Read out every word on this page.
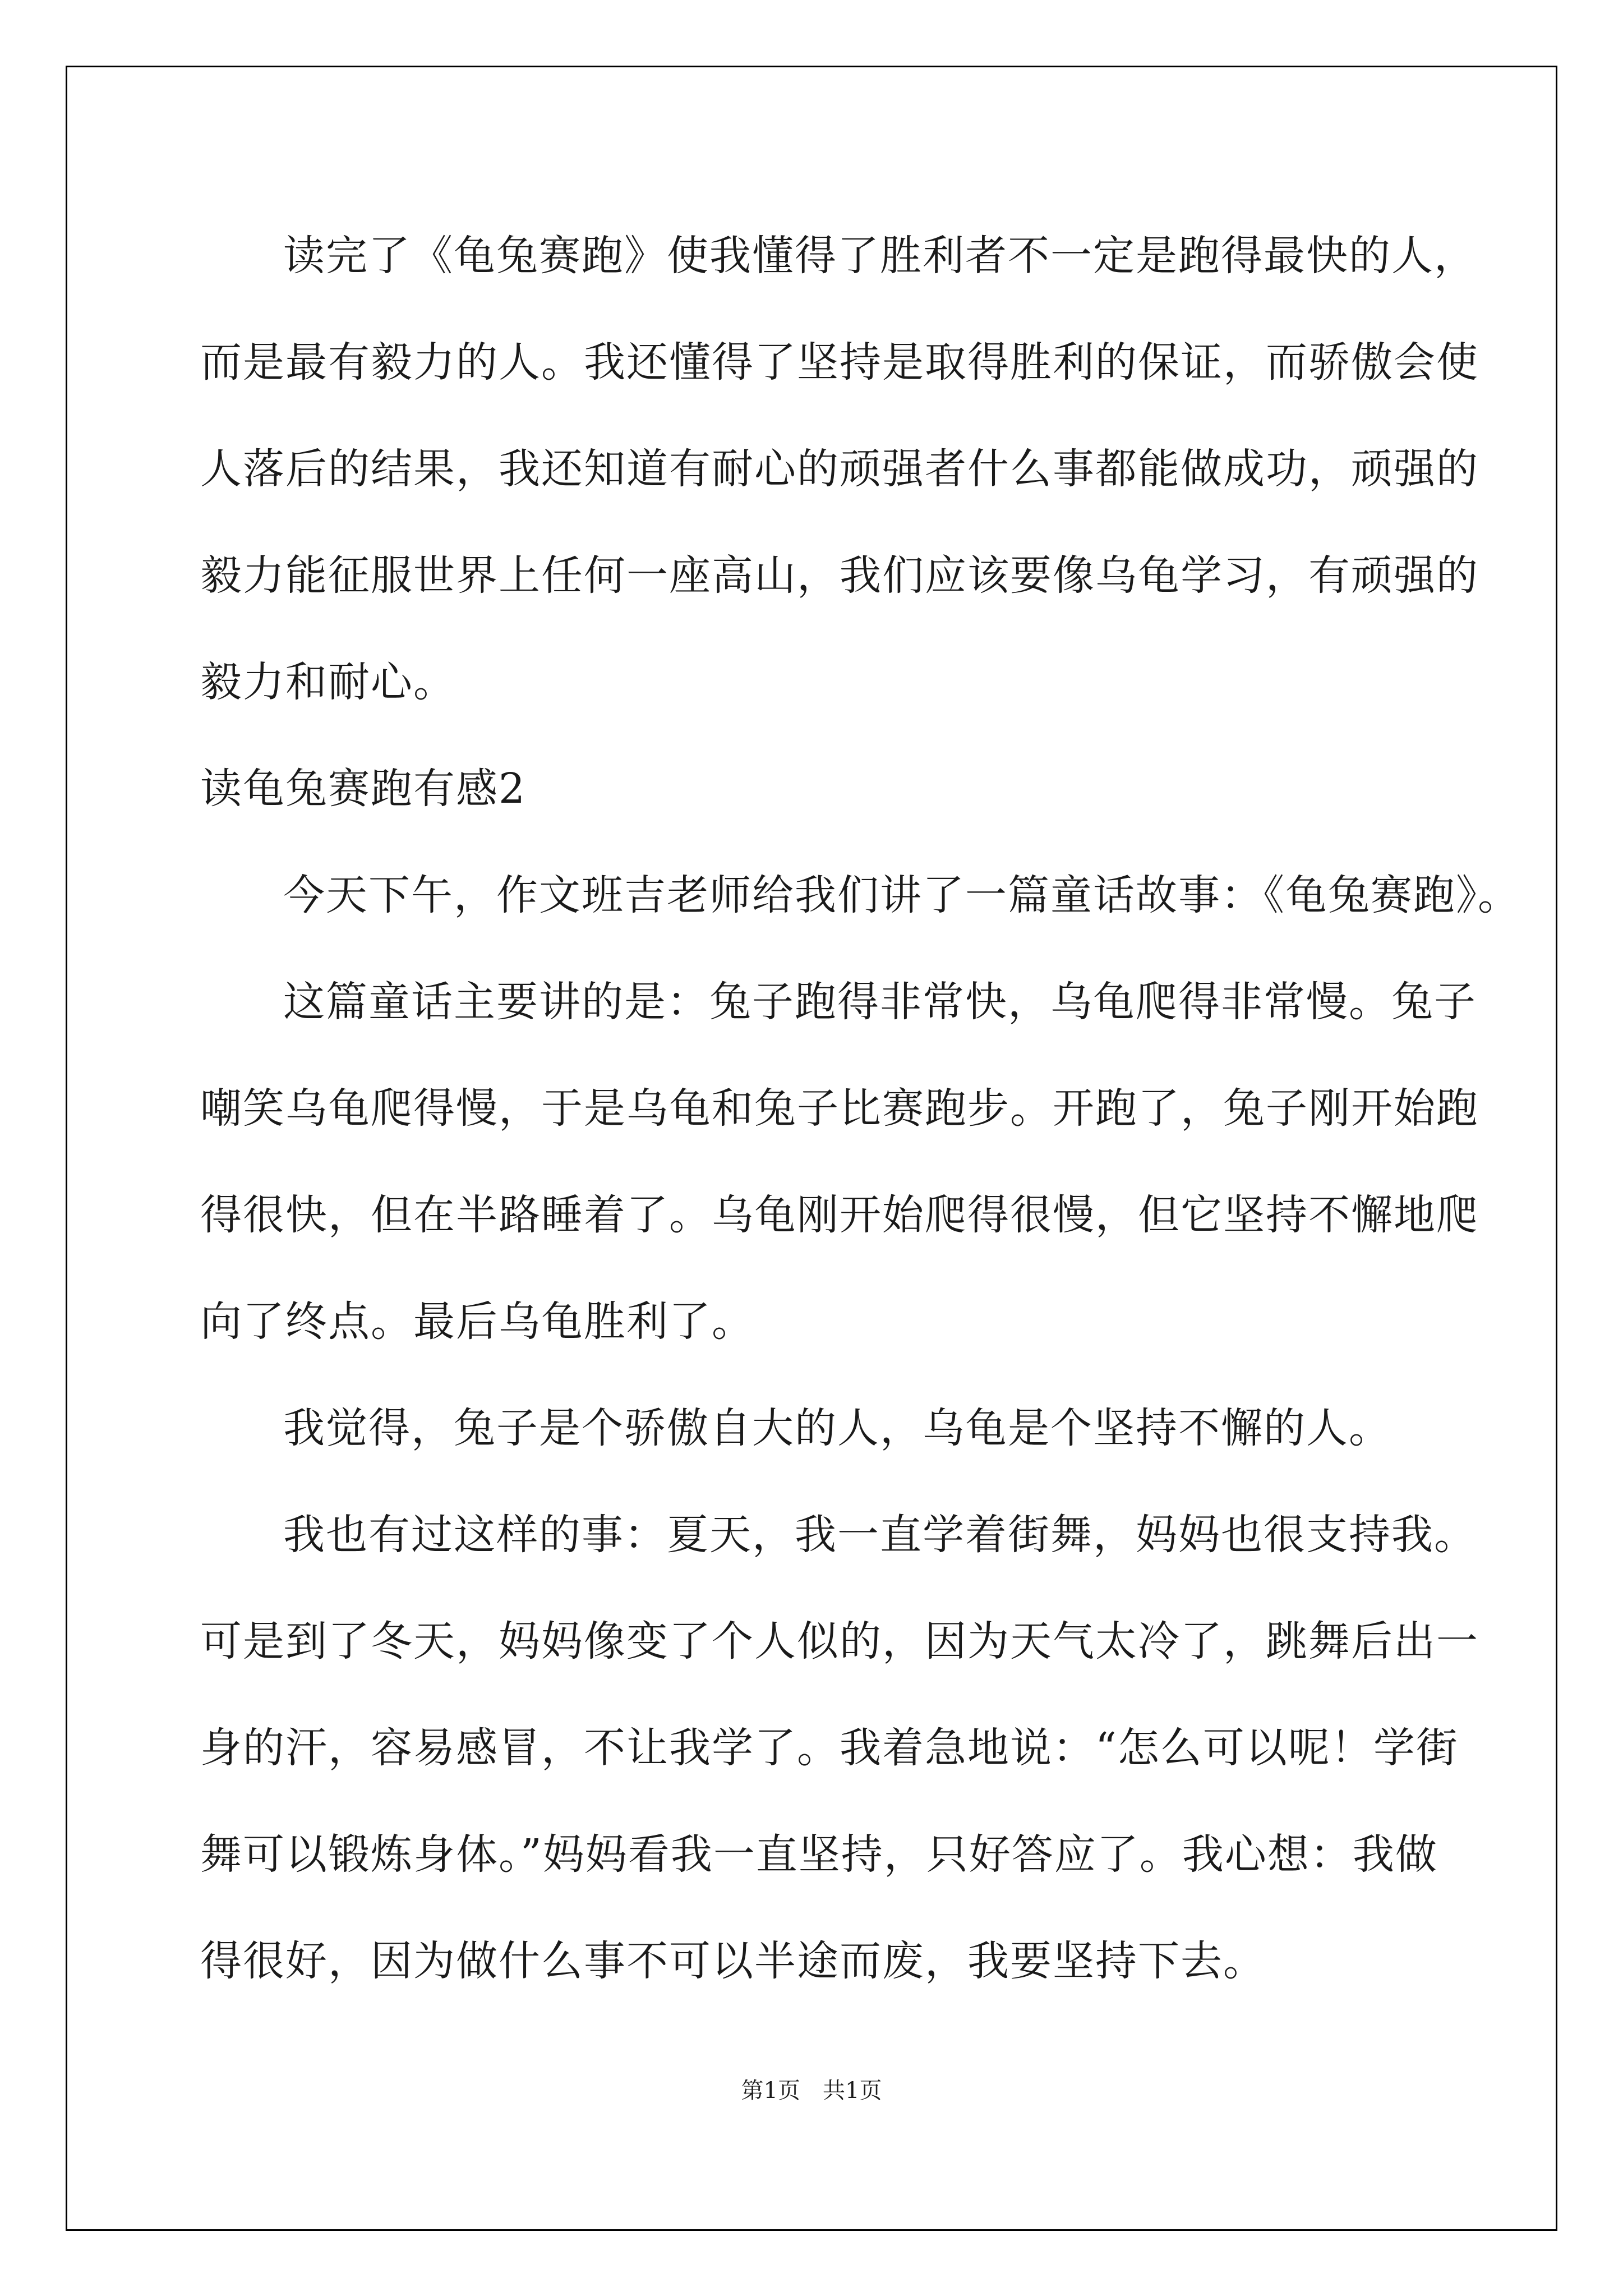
读完了《龟兔赛跑》使我懂得了胜利者不一定是跑得最快的人，
而是最有毅力的人。我还懂得了坚持是取得胜利的保证，而骄傲会使
人落后的结果，我还知道有耐心的顽强者什么事都能做成功，顽强的
毅力能征服世界上任何一座高山，我们应该要像乌龟学习，有顽强的
毅力和耐心。
读龟兔赛跑有感2
今天下午，作文班吉老师给我们讲了一篇童话故事：《龟兔赛跑》。
这篇童话主要讲的是：兔子跑得非常快，乌龟爬得非常慢。兔子
嘲笑乌龟爬得慢，于是乌龟和兔子比赛跑步。开跑了，兔子刚开始跑
得很快，但在半路睡着了。乌龟刚开始爬得很慢，但它坚持不懈地爬
向了终点。最后乌龟胜利了。
我觉得，兔子是个骄傲自大的人，乌龟是个坚持不懈的人。
我也有过这样的事：夏天，我一直学着街舞，妈妈也很支持我。
可是到了冬天，妈妈像变了个人似的，因为天气太冷了，跳舞后出一
身的汗，容易感冒，不让我学了。我着急地说：“怎么可以呢！学街
舞可以锻炼身体。”妈妈看我一直坚持，只好答应了。我心想：我做
得很好，因为做什么事不可以半途而废，我要坚持下去。
第1页　共1页
